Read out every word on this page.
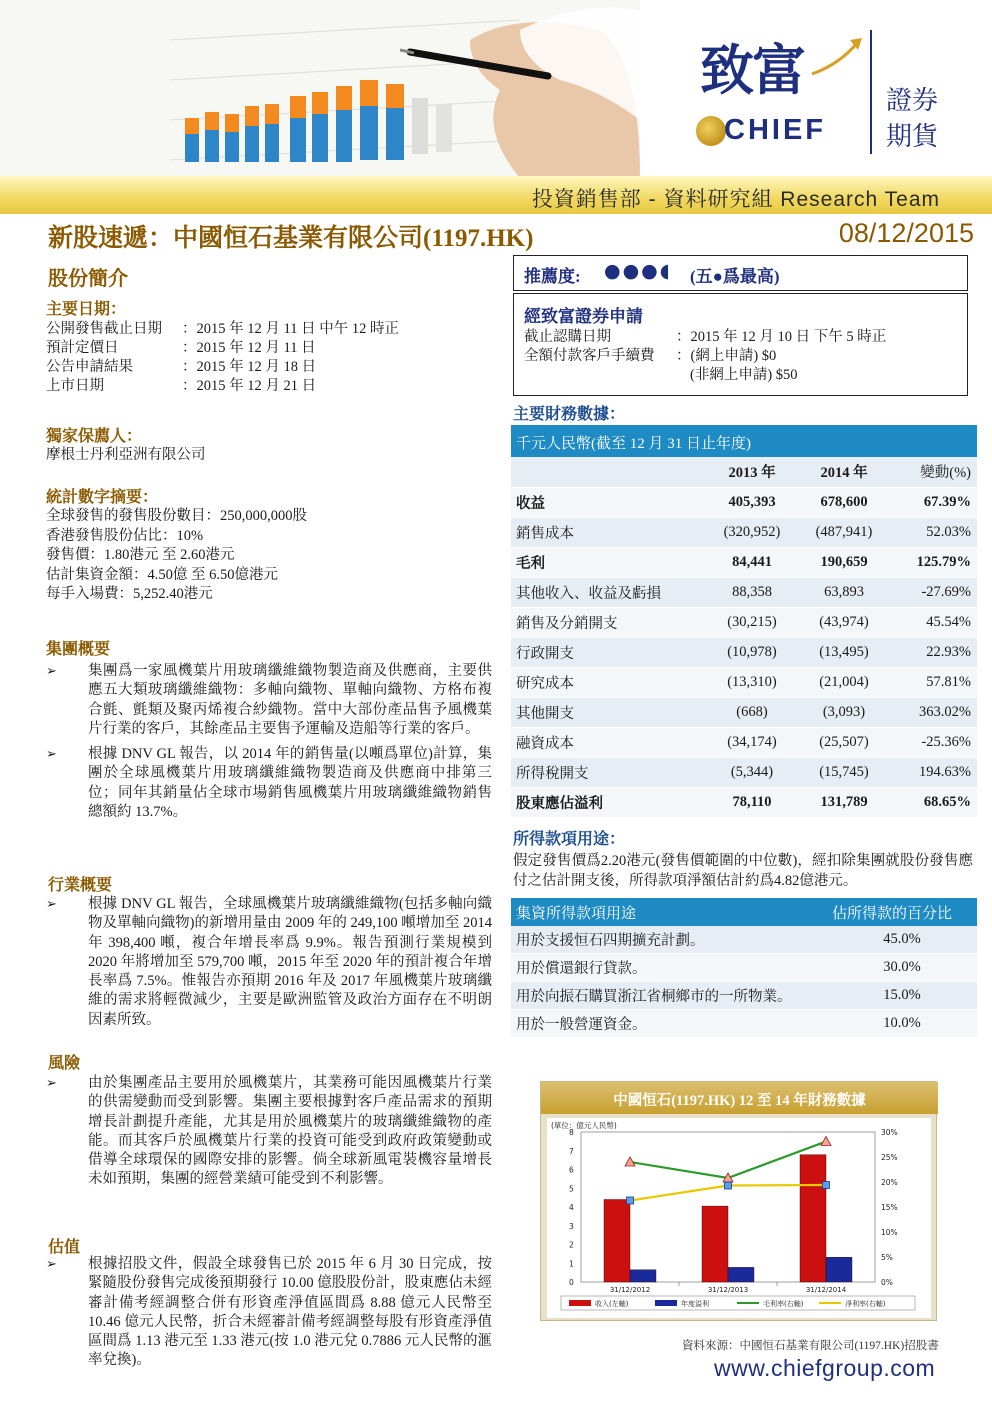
致富
CHIEF
證券
期貨
投資銷售部 - 資料研究組 Research Team
新股速遞：中國恒石基業有限公司(1197.HK)	08/12/2015
股份簡介
主要日期：
公開發售截止日期	：2015 年 12 月 11 日 中午 12 時正
預計定價日	：2015 年 12 月 11 日
公告申請結果	：2015 年 12 月 18 日
上市日期	：2015 年 12 月 21 日
獨家保薦人：
摩根士丹利亞洲有限公司
統計數字摘要：
全球發售的發售股份數目：250,000,000股
香港發售股份佔比：10%
發售價：1.80港元 至 2.60港元
估計集資金額：4.50億 至 6.50億港元
每手入場費：5,252.40港元
集團概要
➢	集團爲一家風機葉片用玻璃纖維織物製造商及供應商，主要供應五大類玻璃纖維織物：多軸向織物、單軸向織物、方格布複合氈、氈類及聚丙烯複合紗織物。當中大部份產品售予風機葉片行業的客戶，其餘產品主要售予運輸及造船等行業的客戶。
➢	根據 DNV GL 報告，以 2014 年的銷售量(以噸爲單位)計算，集團於全球風機葉片用玻璃纖維織物製造商及供應商中排第三位；同年其銷量佔全球市場銷售風機葉片用玻璃纖維織物銷售總額約 13.7%。
行業概要
➢	根據 DNV GL 報告，全球風機葉片玻璃纖維織物(包括多軸向織物及單軸向織物)的新增用量由 2009 年的 249,100 噸增加至 2014 年 398,400 噸，複合年增長率爲 9.9%。報告預測行業規模到 2020 年將增加至 579,700 噸，2015 年至 2020 年的預計複合年增長率爲 7.5%。惟報告亦預期 2016 年及 2017 年風機葉片玻璃纖維的需求將輕微減少，主要是歐洲監管及政治方面存在不明朗因素所致。
風險
➢	由於集團產品主要用於風機葉片，其業務可能因風機葉片行業的供需變動而受到影響。集團主要根據對客戶產品需求的預期增長計劃提升產能，尤其是用於風機葉片的玻璃纖維織物的產能。而其客戶於風機葉片行業的投資可能受到政府政策變動或借導全球環保的國際安排的影響。倘全球新風電裝機容量增長未如預期，集團的經營業績可能受到不利影響。
估值
➢	根據招股文件，假設全球發售已於 2015 年 6 月 30 日完成，按緊隨股份發售完成後預期發行 10.00 億股股份計，股東應佔未經審計備考經調整合併有形資產淨值區間爲 8.88 億元人民幣至 10.46 億元人民幣，折合未經審計備考經調整每股有形資產淨值區間爲 1.13 港元至 1.33 港元(按 1.0 港元兌 0.7886 元人民幣的滙率兌換)。
推薦度: ●●●◖ (五●爲最高)
經致富證券申請
截止認購日期	：2015 年 12 月 10 日 下午 5 時正
全額付款客戶手續費	：(網上申請) $0
(非網上申請) $50
主要財務數據：
千元人民幣(截至 12 月 31 日止年度)
	2013 年	2014 年	變動(%)
收益	405,393	678,600	67.39%
銷售成本	(320,952)	(487,941)	52.03%
毛利	84,441	190,659	125.79%
其他收入、收益及虧損	88,358	63,893	-27.69%
銷售及分銷開支	(30,215)	(43,974)	45.54%
行政開支	(10,978)	(13,495)	22.93%
研究成本	(13,310)	(21,004)	57.81%
其他開支	(668)	(3,093)	363.02%
融資成本	(34,174)	(25,507)	-25.36%
所得稅開支	(5,344)	(15,745)	194.63%
股東應佔溢利	78,110	131,789	68.65%
所得款項用途：
假定發售價爲2.20港元(發售價範圍的中位數)，經扣除集團就股份發售應付之估計開支後，所得款項淨額估計約爲4.82億港元。
集資所得款項用途	佔所得款的百分比
用於支援恒石四期擴充計劃。	45.0%
用於償還銀行貸款。	30.0%
用於向振石購買浙江省桐鄉市的一所物業。	15.0%
用於一般營運資金。	10.0%
中國恒石(1197.HK) 12 至 14 年財務數據
(單位：億元人民幣)
0
1
2
3
4
5
6
7
8
0%
5%
10%
15%
20%
25%
30%
31/12/2012	31/12/2013	31/12/2014
收入(左軸)	年度溢利	毛利率(右軸)	淨利率(右軸)
資料來源：中國恒石基業有限公司(1197.HK)招股書
www.chiefgroup.com
